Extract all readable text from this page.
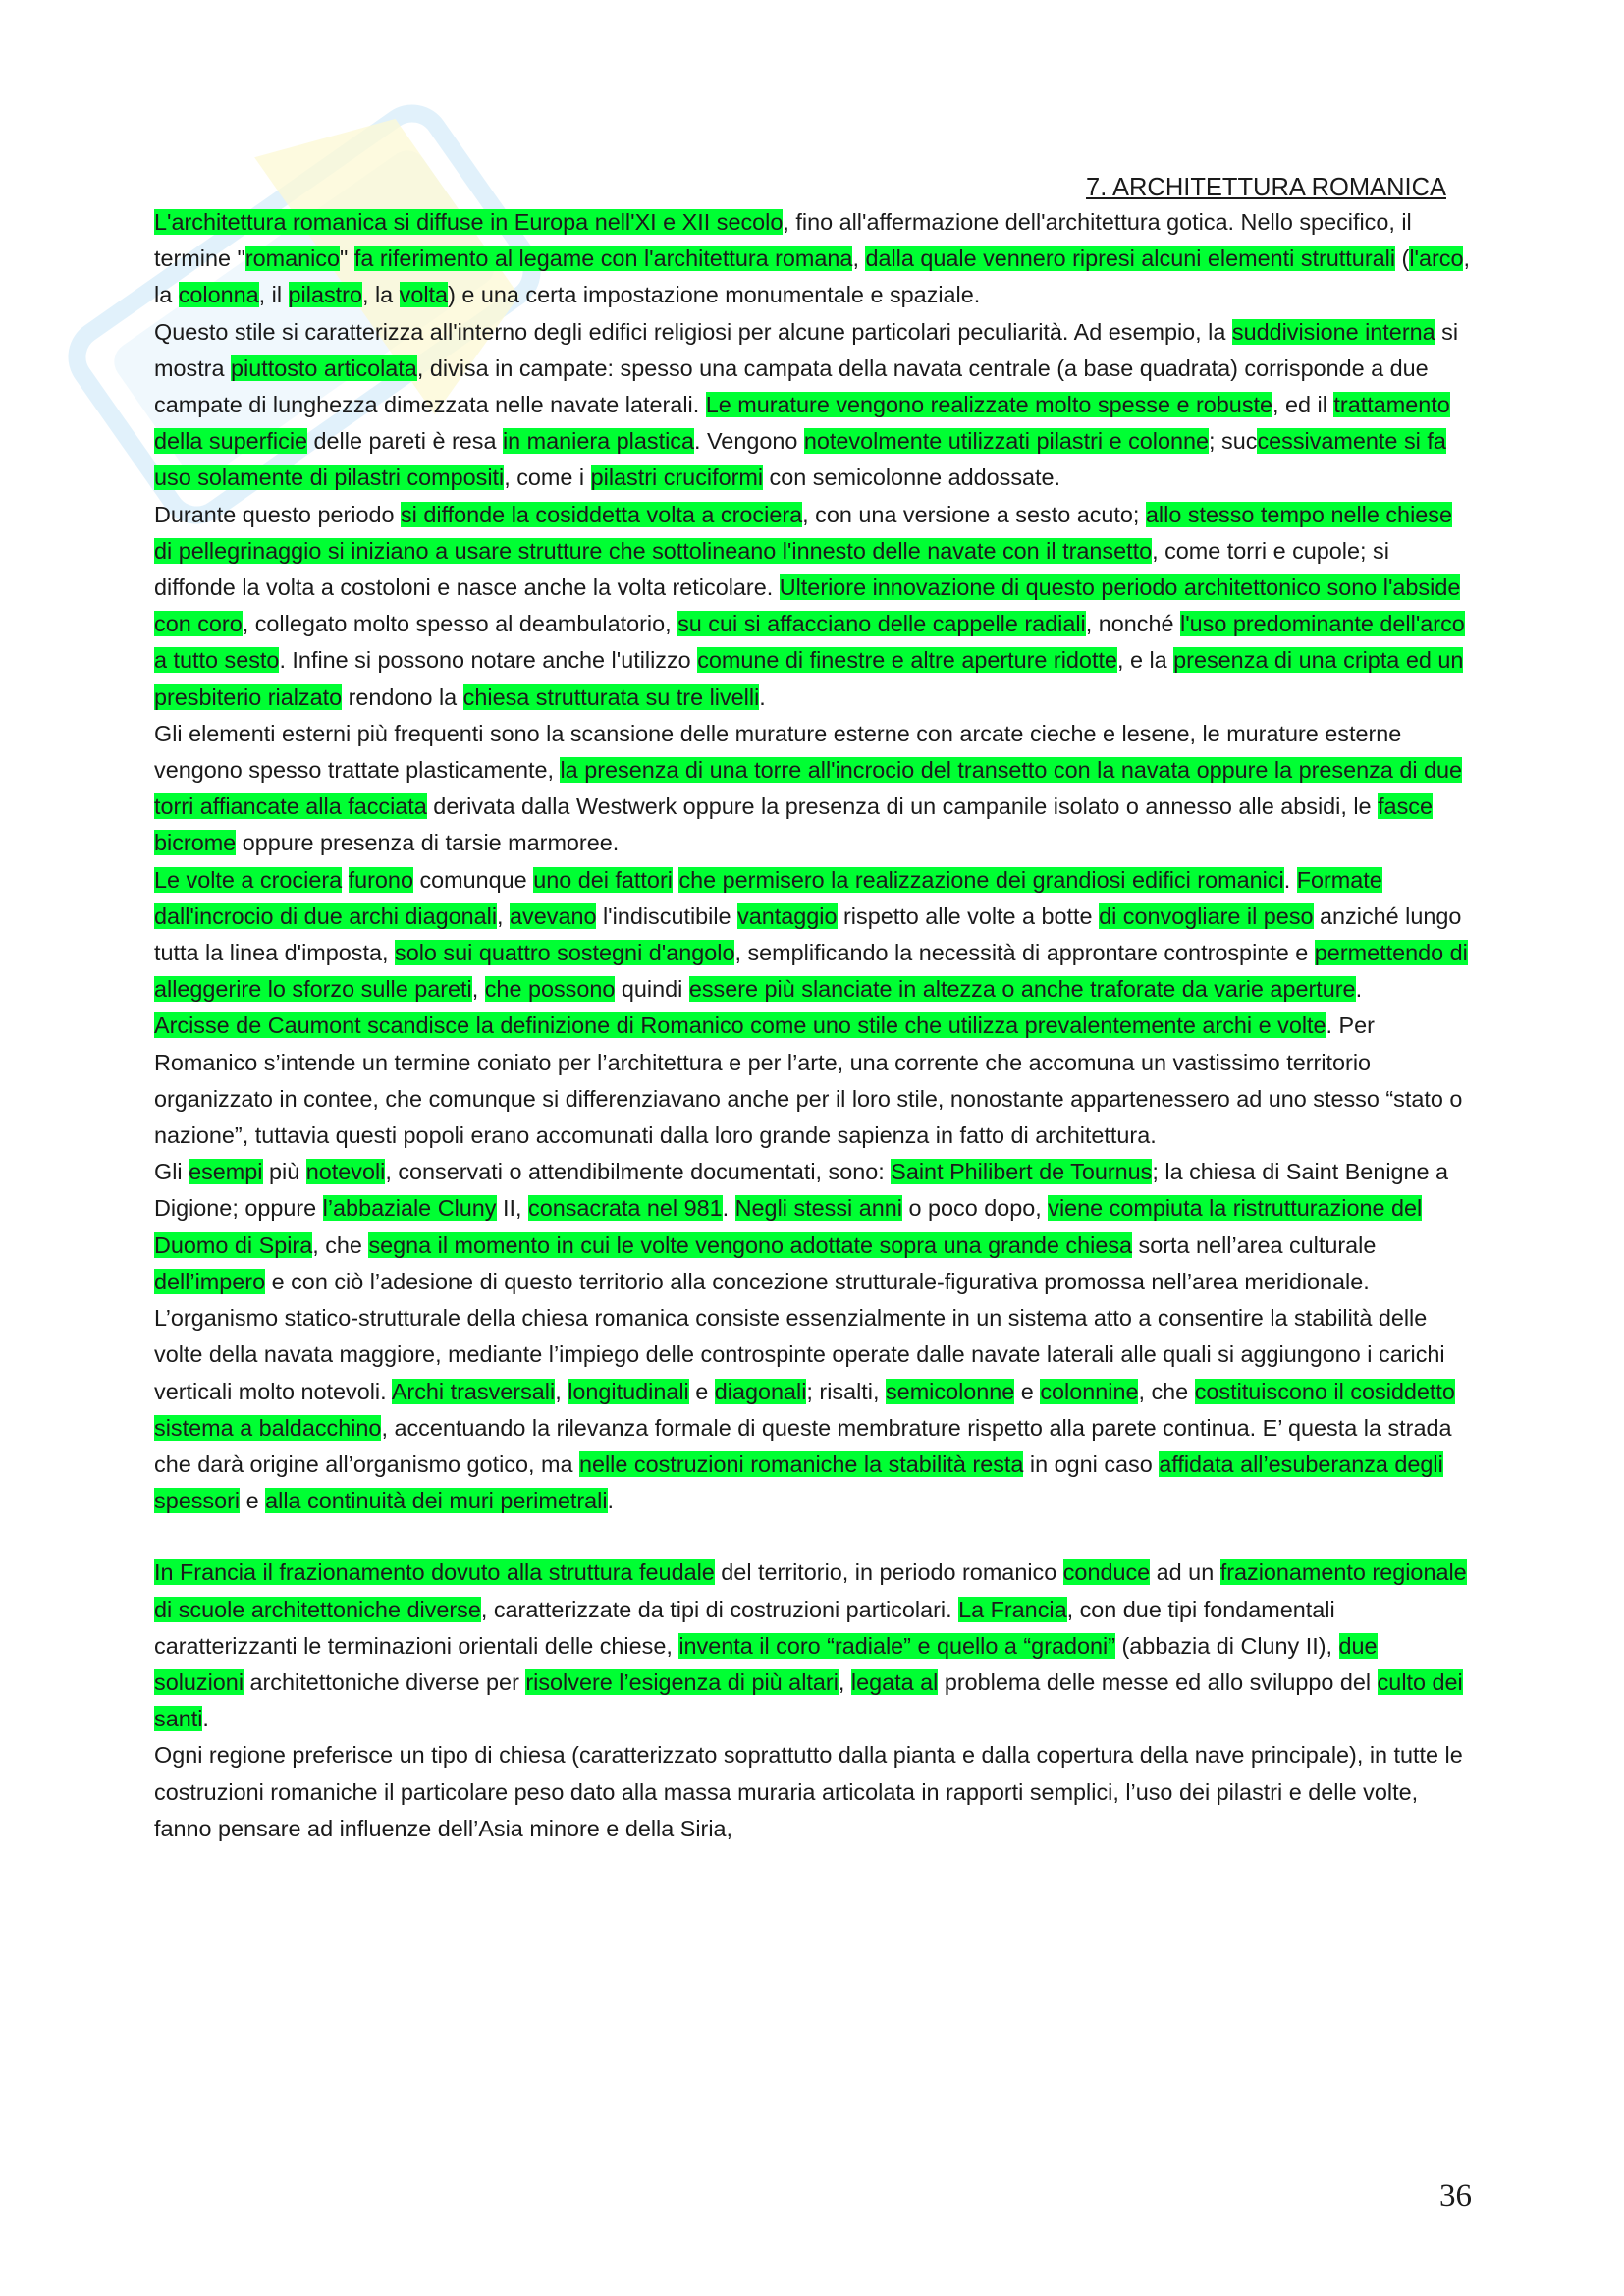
7. ARCHITETTURA ROMANICA

L'architettura romanica si diffuse in Europa nell'XI e XII secolo, fino all'affermazione dell'architettura gotica. Nello specifico, il termine "romanico" fa riferimento al legame con l'architettura romana, dalla quale vennero ripresi alcuni elementi strutturali (l'arco, la colonna, il pilastro, la volta) e una certa impostazione monumentale e spaziale.

Questo stile si caratterizza all'interno degli edifici religiosi per alcune particolari peculiarità. Ad esempio, la suddivisione interna si mostra piuttosto articolata, divisa in campate: spesso una campata della navata centrale (a base quadrata) corrisponde a due campate di lunghezza dimezzata nelle navate laterali. Le murature vengono realizzate molto spesse e robuste, ed il trattamento della superficie delle pareti è resa in maniera plastica. Vengono notevolmente utilizzati pilastri e colonne; successivamente si fa uso solamente di pilastri compositi, come i pilastri cruciformi con semicolonne addossate.

Durante questo periodo si diffonde la cosiddetta volta a crociera, con una versione a sesto acuto; allo stesso tempo nelle chiese di pellegrinaggio si iniziano a usare strutture che sottolineano l'innesto delle navate con il transetto, come torri e cupole; si diffonde la volta a costoloni e nasce anche la volta reticolare. Ulteriore innovazione di questo periodo architettonico sono l'abside con coro, collegato molto spesso al deambulatorio, su cui si affacciano delle cappelle radiali, nonché l'uso predominante dell'arco a tutto sesto. Infine si possono notare anche l'utilizzo comune di finestre e altre aperture ridotte, e la presenza di una cripta ed un presbiterio rialzato rendono la chiesa strutturata su tre livelli.

Gli elementi esterni più frequenti sono la scansione delle murature esterne con arcate cieche e lesene, le murature esterne vengono spesso trattate plasticamente, la presenza di una torre all'incrocio del transetto con la navata oppure la presenza di due torri affiancate alla facciata derivata dalla Westwerk oppure la presenza di un campanile isolato o annesso alle absidi, le fasce bicrome oppure presenza di tarsie marmoree.

Le volte a crociera furono comunque uno dei fattori che permisero la realizzazione dei grandiosi edifici romanici. Formate dall'incrocio di due archi diagonali, avevano l'indiscutibile vantaggio rispetto alle volte a botte di convogliare il peso anziché lungo tutta la linea d'imposta, solo sui quattro sostegni d'angolo, semplificando la necessità di approntare controspinte e permettendo di alleggerire lo sforzo sulle pareti, che possono quindi essere più slanciate in altezza o anche traforate da varie aperture.

Arcisse de Caumont scandisce la definizione di Romanico come uno stile che utilizza prevalentemente archi e volte. Per Romanico s’intende un termine coniato per l’architettura e per l’arte, una corrente che accomuna un vastissimo territorio organizzato in contee, che comunque si differenziavano anche per il loro stile, nonostante appartenessero ad uno stesso “stato o nazione”, tuttavia questi popoli erano accomunati dalla loro grande sapienza in fatto di architettura.

Gli esempi più notevoli, conservati o attendibilmente documentati, sono: Saint Philibert de Tournus; la chiesa di Saint Benigne a Digione; oppure l’abbaziale Cluny II, consacrata nel 981. Negli stessi anni o poco dopo, viene compiuta la ristrutturazione del Duomo di Spira, che segna il momento in cui le volte vengono adottate sopra una grande chiesa sorta nell’area culturale dell’impero e con ciò l’adesione di questo territorio alla concezione strutturale-figurativa promossa nell’area meridionale. L’organismo statico-strutturale della chiesa romanica consiste essenzialmente in un sistema atto a consentire la stabilità delle volte della navata maggiore, mediante l’impiego delle controspinte operate dalle navate laterali alle quali si aggiungono i carichi verticali molto notevoli. Archi trasversali, longitudinali e diagonali; risalti, semicolonne e colonnine, che costituiscono il cosiddetto sistema a baldacchino, accentuando la rilevanza formale di queste membrature rispetto alla parete continua. E’ questa la strada che darà origine all’organismo gotico, ma nelle costruzioni romaniche la stabilità resta in ogni caso affidata all’esuberanza degli spessori e alla continuità dei muri perimetrali.

In Francia il frazionamento dovuto alla struttura feudale del territorio, in periodo romanico conduce ad un frazionamento regionale di scuole architettoniche diverse, caratterizzate da tipi di costruzioni particolari. La Francia, con due tipi fondamentali caratterizzanti le terminazioni orientali delle chiese, inventa il coro “radiale” e quello a “gradoni” (abbazia di Cluny II), due soluzioni architettoniche diverse per risolvere l’esigenza di più altari, legata al problema delle messe ed allo sviluppo del culto dei santi.

Ogni regione preferisce un tipo di chiesa (caratterizzato soprattutto dalla pianta e dalla copertura della nave principale), in tutte le costruzioni romaniche il particolare peso dato alla massa muraria articolata in rapporti semplici, l’uso dei pilastri e delle volte, fanno pensare ad influenze dell’Asia minore e della Siria,

36
